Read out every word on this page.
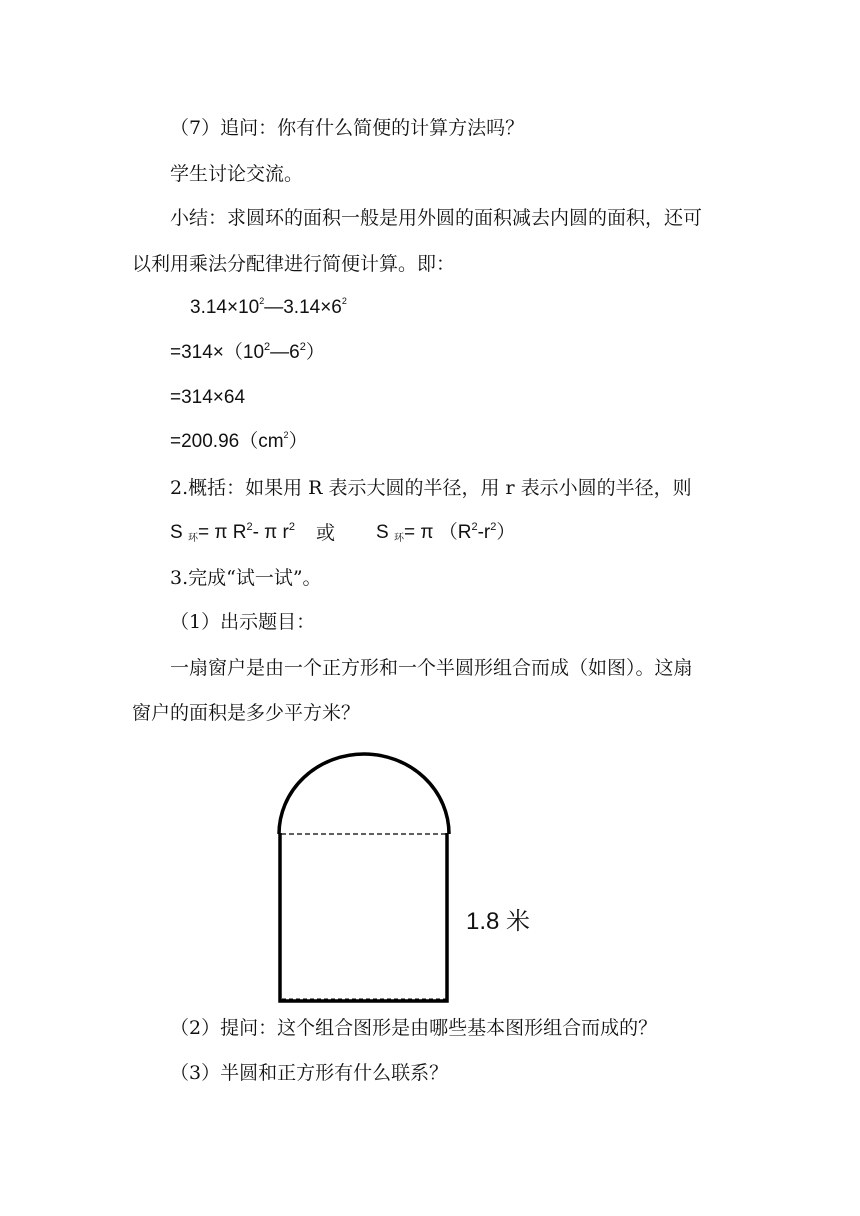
（7）追问：你有什么简便的计算方法吗？
学生讨论交流。
小结：求圆环的面积一般是用外圆的面积减去内圆的面积，还可
以利用乘法分配律进行简便计算。即：
$3.14\times 10^2—3.14\times 6^2$
$=314\times(10^2—6^2)$
=314×64
$=200.96(cm^2)$
2.概括：如果用 R 表示大圆的半径，用 r 表示小圆的半径，则
S $_环$= π $R^2-$ π $r^2$ 或 S $_环$= π $(R^2-r^2)$
3.完成“试一试”。
（1）出示题目：
一扇窗户是由一个正方形和一个半圆形组合而成（如图）。这扇
窗户的面积是多少平方米？
1.8 米
（2）提问：这个组合图形是由哪些基本图形组合而成的？
（3）半圆和正方形有什么联系？
